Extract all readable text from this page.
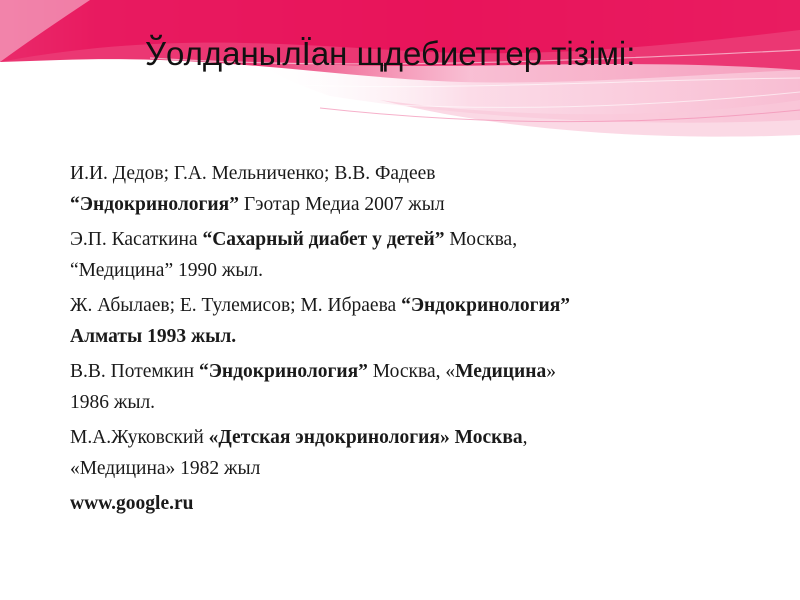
ЎолданылЇан щдебиеттер тізімі:
И.И. Дедов; Г.А. Мельниченко; В.В. Фадеев
“Эндокринология” Гэотар Медиа 2007 жыл
Э.П. Касаткина “Сахарный диабет у детей” Москва,
“Медицина” 1990 жыл.
Ж. Абылаев; Е. Тулемисов; М. Ибраева “Эндокринология”
Алматы 1993 жыл.
В.В. Потемкин “Эндокринология” Москва, «Медицина»
1986 жыл.
М.А.Жуковский «Детская эндокринология» Москва,
«Медицина» 1982 жыл
www.google.ru
